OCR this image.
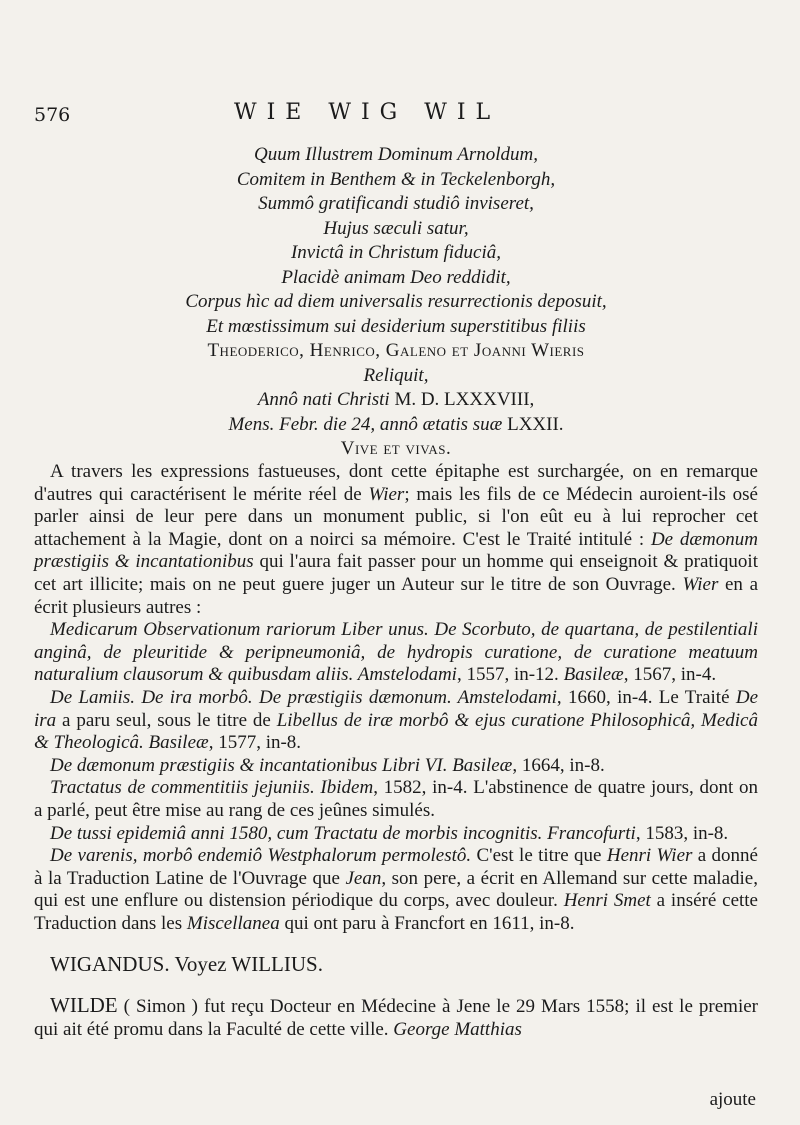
576	WIE WIG WIL
Quum Illustrem Dominum Arnoldum,
Comitem in Benthem & in Teckelenborgh,
Summô gratificandi studiô inviseret,
Hujus sæculi satur,
Invictâ in Christum fiduciâ,
Placidè animam Deo reddidit,
Corpus hìc ad diem universalis resurrectionis deposuit,
Et mœstissimum sui desiderium superstitibus filiis
Theoderico, Henrico, Galeno et Joanni Wieris
Reliquit,
Annô nati Christi M. D. LXXXVIII,
Mens. Febr. die 24, annô ætatis suæ LXXII.
Vive et vivas.

A travers les expressions fastueuses, dont cette épitaphe est surchargée, on en remarque d'autres qui caractérisent le mérite réel de Wier; mais les fils de ce Médecin auroient-ils osé parler ainsi de leur pere dans un monument public, si l'on eût eu à lui reprocher cet attachement à la Magie, dont on a noirci sa mémoire. C'est le Traité intitulé : De dæmonum præstigiis & incantationibus qui l'aura fait passer pour un homme qui enseignoit & pratiquoit cet art illicite; mais on ne peut guere juger un Auteur sur le titre de son Ouvrage. Wier en a écrit plusieurs autres :

Medicarum Observationum rariorum Liber unus. De Scorbuto, de quartana, de pestilentiali anginâ, de pleuritide & peripneumoniâ, de hydropis curatione, de curatione meatuum naturalium clausorum & quibusdam aliis. Amstelodami, 1557, in-12. Basileæ, 1567, in-4.

De Lamiis. De ira morbô. De præstigiis dæmonum. Amstelodami, 1660, in-4. Le Traité De ira a paru seul, sous le titre de Libellus de iræ morbô & ejus curatione Philosophicâ, Medicâ & Theologicâ. Basileæ, 1577, in-8.

De dæmonum præstigiis & incantationibus Libri VI. Basileæ, 1664, in-8.

Tractatus de commentitiis jejuniis. Ibidem, 1582, in-4. L'abstinence de quatre jours, dont on a parlé, peut être mise au rang de ces jeûnes simulés.

De tussi epidemiâ anni 1580, cum Tractatu de morbis incognitis. Francofurti, 1583, in-8.

De varenis, morbô endemiô Westphalorum permolestô. C'est le titre que Henri Wier a donné à la Traduction Latine de l'Ouvrage que Jean, son pere, a écrit en Allemand sur cette maladie, qui est une enflure ou distension périodique du corps, avec douleur. Henri Smet a inséré cette Traduction dans les Miscellanea qui ont paru à Francfort en 1611, in-8.

WIGANDUS. Voyez WILLIUS.

WILDE ( Simon ) fut reçu Docteur en Médecine à Jene le 29 Mars 1558; il est le premier qui ait été promu dans la Faculté de cette ville. George Matthias

ajoute
